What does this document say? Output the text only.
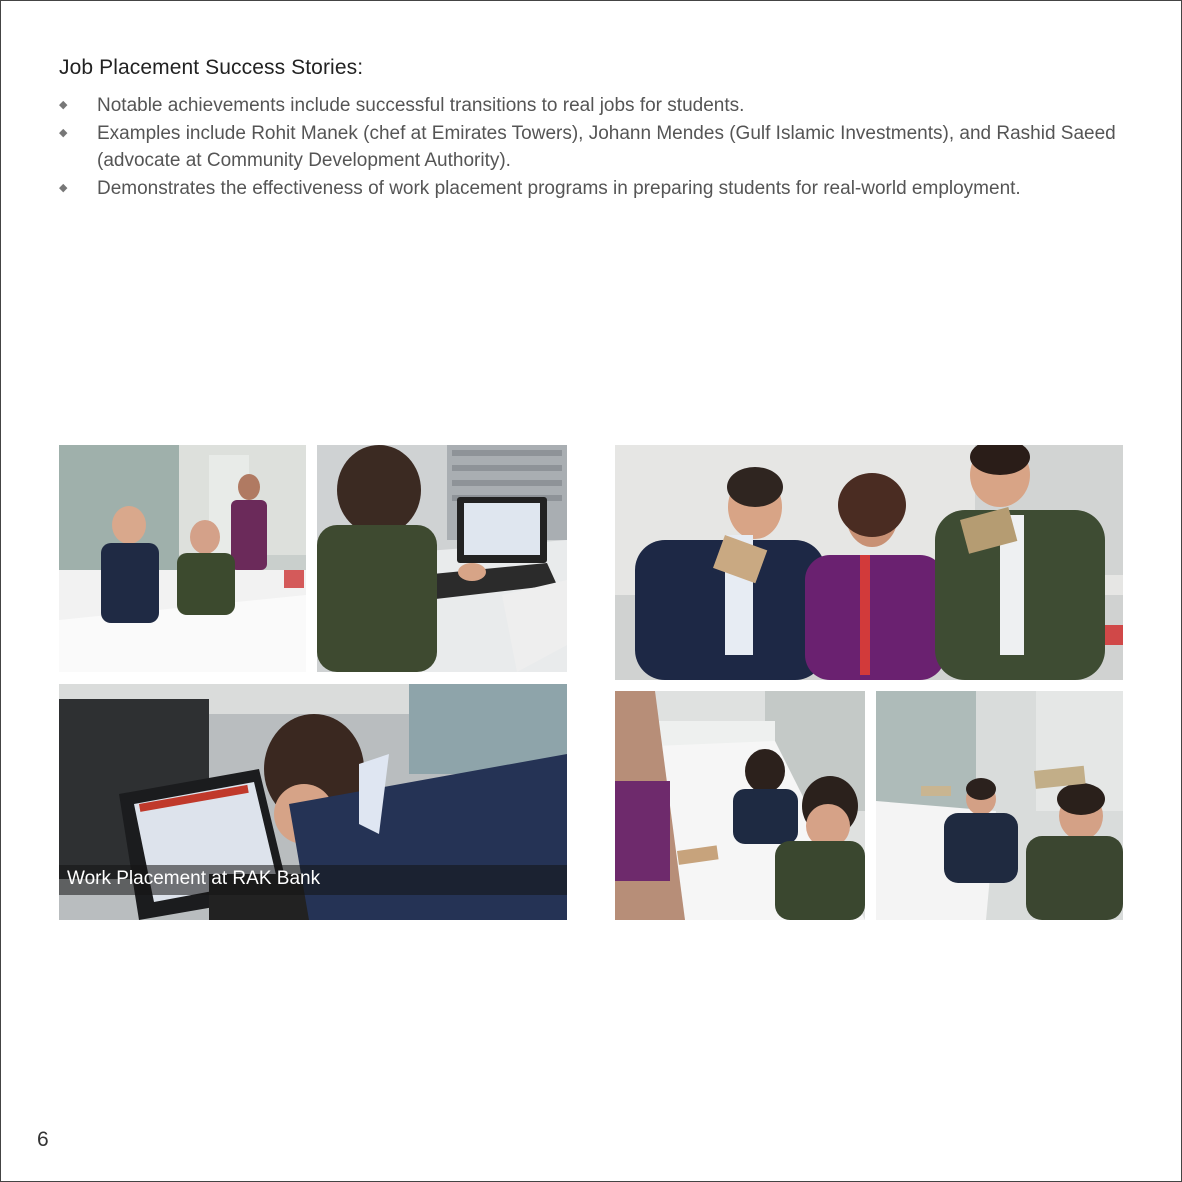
Job Placement Success Stories:
◆ Notable achievements include successful transitions to real jobs for students.
◆ Examples include Rohit Manek (chef at Emirates Towers), Johann Mendes (Gulf Islamic Investments), and Rashid Saeed (advocate at Community Development Authority).
◆ Demonstrates the effectiveness of work placement programs in preparing students for real-world employment.
Work Placement at RAK Bank
6
